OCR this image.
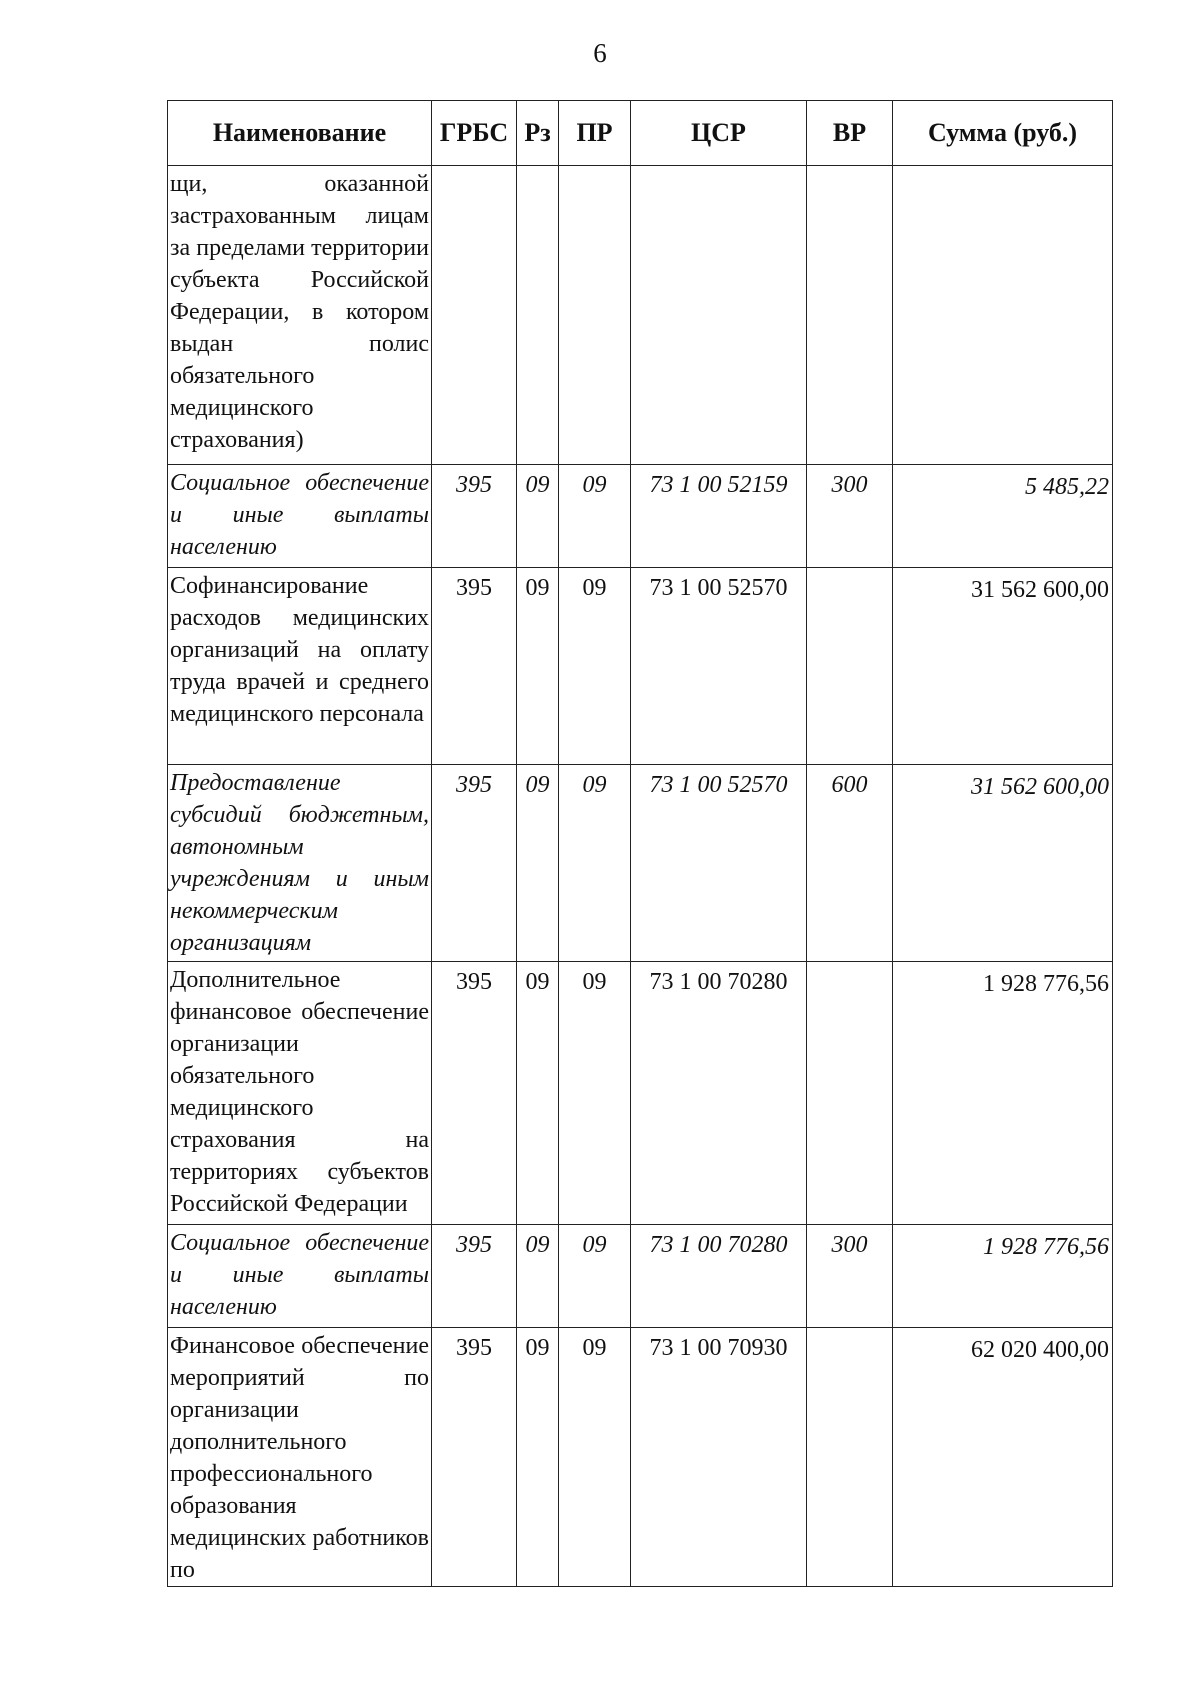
6
Наименование	ГРБС	Рз	ПР	ЦСР	ВР	Сумма (руб.)
щи, оказанной застрахованным лицам за пределами территории субъекта Российской Федерации, в котором выдан полис обязательного медицинского страхования)						
Социальное обеспечение и иные выплаты населению	395	09	09	73 1 00 52159	300	5 485,22
Софинансирование расходов медицинских организаций на оплату труда врачей и среднего медицинского персонала	395	09	09	73 1 00 52570		31 562 600,00
Предоставление субсидий бюджетным, автономным учреждениям и иным некоммерческим организациям	395	09	09	73 1 00 52570	600	31 562 600,00
Дополнительное финансовое обеспечение организации обязательного медицинского страхования на территориях субъектов Российской Федерации	395	09	09	73 1 00 70280		1 928 776,56
Социальное обеспечение и иные выплаты населению	395	09	09	73 1 00 70280	300	1 928 776,56
Финансовое обеспечение мероприятий по организации дополнительного профессионального образования медицинских работников по	395	09	09	73 1 00 70930		62 020 400,00
